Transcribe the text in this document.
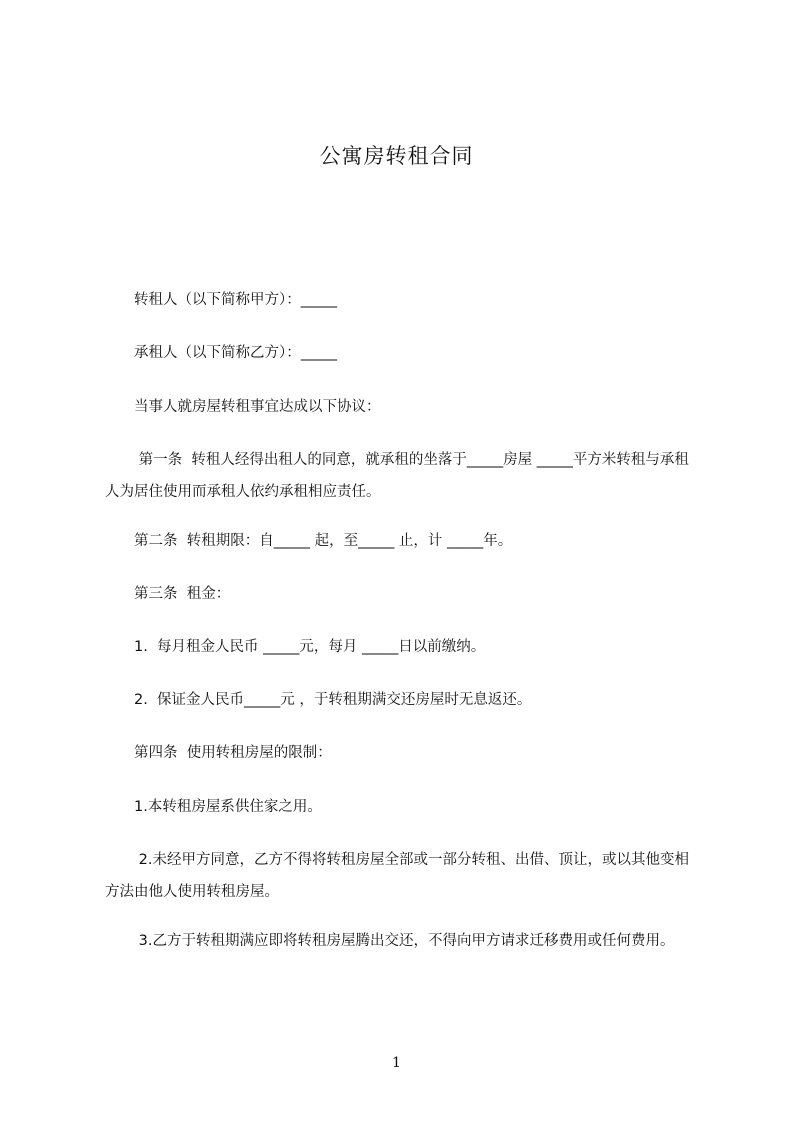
公寓房转租合同
　　转租人（以下简称甲方）：_____
　　承租人（以下简称乙方）：_____
　　当事人就房屋转租事宜达成以下协议：
　　 第一条  转租人经得出租人的同意，就承租的坐落于_____房屋 _____平方米转租与承租人为居住使用而承租人依约承租相应责任。
　　第二条  转租期限：自_____ 起，至_____ 止，计 _____年。
　　第三条  租金：
　　1.  每月租金人民币 _____元，每月 _____日以前缴纳。
　　2.  保证金人民币_____元 ，于转租期满交还房屋时无息返还。
　　第四条  使用转租房屋的限制：
　　1.本转租房屋系供住家之用。
　　 2.未经甲方同意，乙方不得将转租房屋全部或一部分转租、出借、顶让，或以其他变相方法由他人使用转租房屋。
　　 3.乙方于转租期满应即将转租房屋腾出交还，不得向甲方请求迁移费用或任何费用。
1
